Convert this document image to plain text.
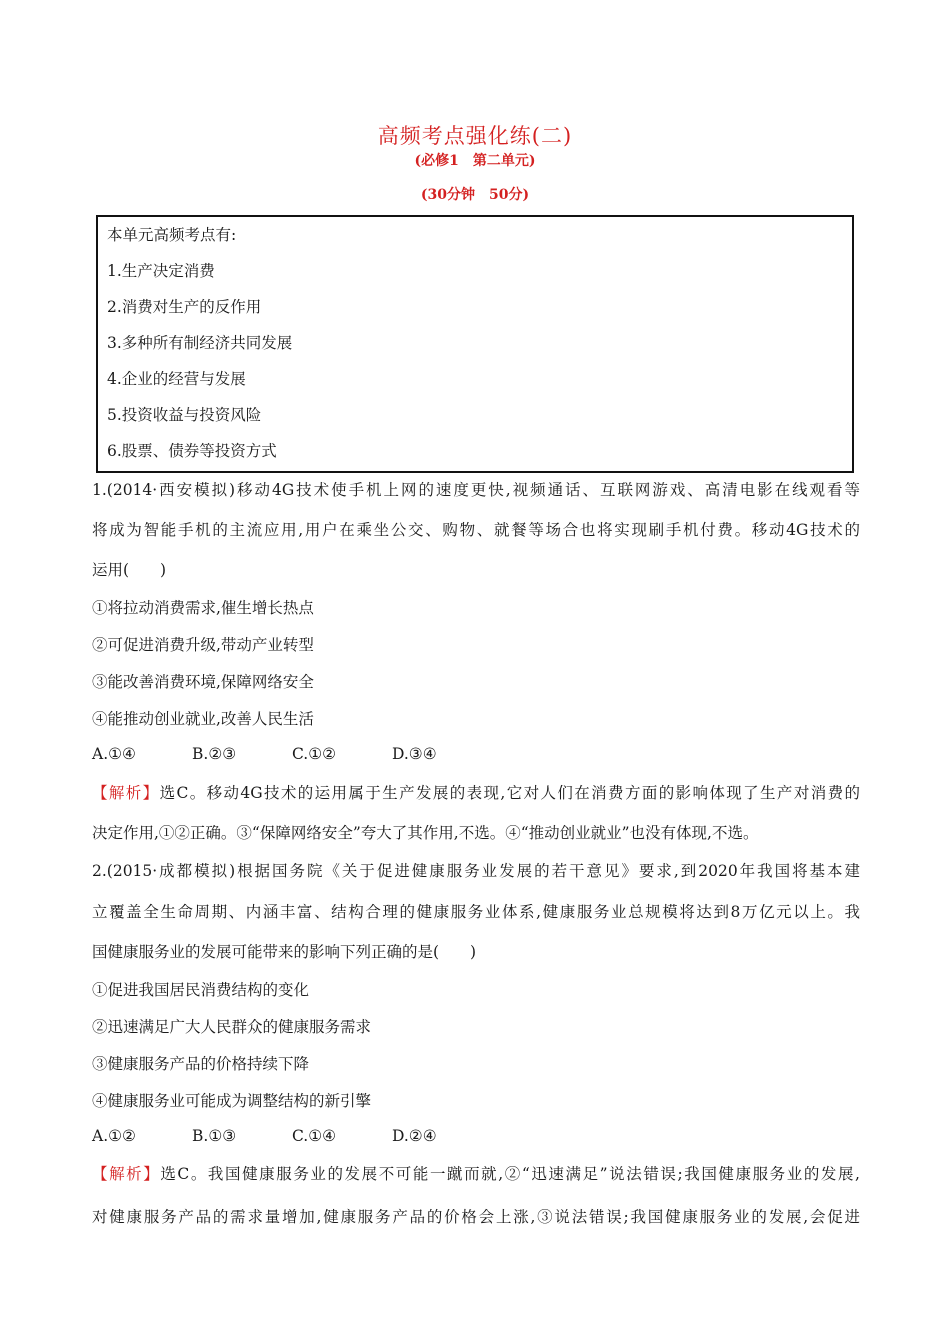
高频考点强化练(二)
(必修1　第二单元)
(30分钟　50分)
本单元高频考点有:
1.生产决定消费
2.消费对生产的反作用
3.多种所有制经济共同发展
4.企业的经营与发展
5.投资收益与投资风险
6.股票、债券等投资方式
1.(2014·西安模拟)移动4G技术使手机上网的速度更快,视频通话、互联网游戏、高清电影在线观看等
将成为智能手机的主流应用,用户在乘坐公交、购物、就餐等场合也将实现刷手机付费。移动4G技术的
运用(　　)
①将拉动消费需求,催生增长热点
②可促进消费升级,带动产业转型
③能改善消费环境,保障网络安全
④能推动创业就业,改善人民生活
A.①④	B.②③	C.①②	D.③④
【解析】选C。移动4G技术的运用属于生产发展的表现,它对人们在消费方面的影响体现了生产对消费的
决定作用,①②正确。③“保障网络安全”夸大了其作用,不选。④“推动创业就业”也没有体现,不选。
2.(2015·成都模拟)根据国务院《关于促进健康服务业发展的若干意见》要求,到2020年我国将基本建
立覆盖全生命周期、内涵丰富、结构合理的健康服务业体系,健康服务业总规模将达到8万亿元以上。我
国健康服务业的发展可能带来的影响下列正确的是(　　)
①促进我国居民消费结构的变化
②迅速满足广大人民群众的健康服务需求
③健康服务产品的价格持续下降
④健康服务业可能成为调整结构的新引擎
A.①②	B.①③	C.①④	D.②④
【解析】选C。我国健康服务业的发展不可能一蹴而就,②“迅速满足”说法错误;我国健康服务业的发展,
对健康服务产品的需求量增加,健康服务产品的价格会上涨,③说法错误;我国健康服务业的发展,会促进
